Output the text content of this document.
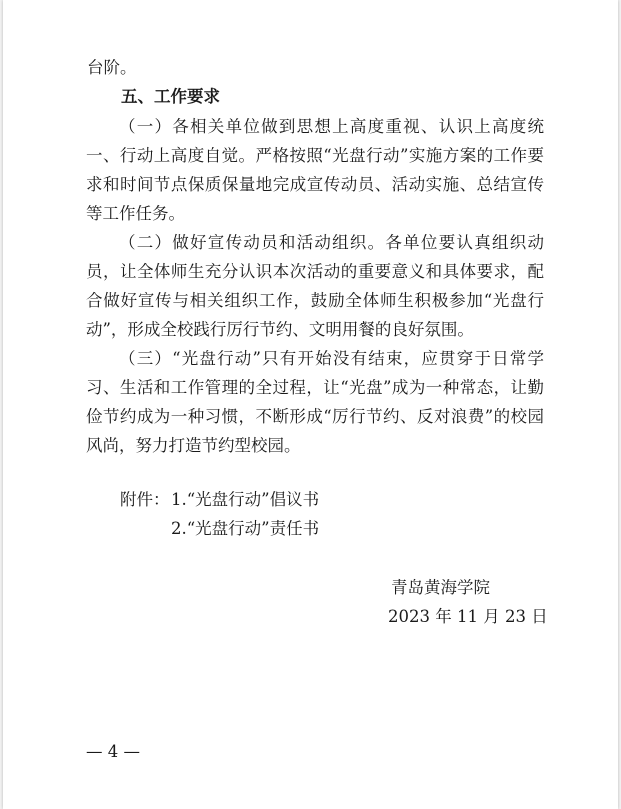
台阶。
五、工作要求

（一）各相关单位做到思想上高度重视、认识上高度统一、行动上高度自觉。严格按照“光盘行动”实施方案的工作要求和时间节点保质保量地完成宣传动员、活动实施、总结宣传等工作任务。

（二）做好宣传动员和活动组织。各单位要认真组织动员，让全体师生充分认识本次活动的重要意义和具体要求，配合做好宣传与相关组织工作，鼓励全体师生积极参加“光盘行动”，形成全校践行厉行节约、文明用餐的良好氛围。

（三）“光盘行动”只有开始没有结束，应贯穿于日常学习、生活和工作管理的全过程，让“光盘”成为一种常态，让勤俭节约成为一种习惯，不断形成“厉行节约、反对浪费”的校园风尚，努力打造节约型校园。

附件： 1.“光盘行动”倡议书
2.“光盘行动”责任书
青岛黄海学院
2023 年 11 月 23 日
— 4 —
